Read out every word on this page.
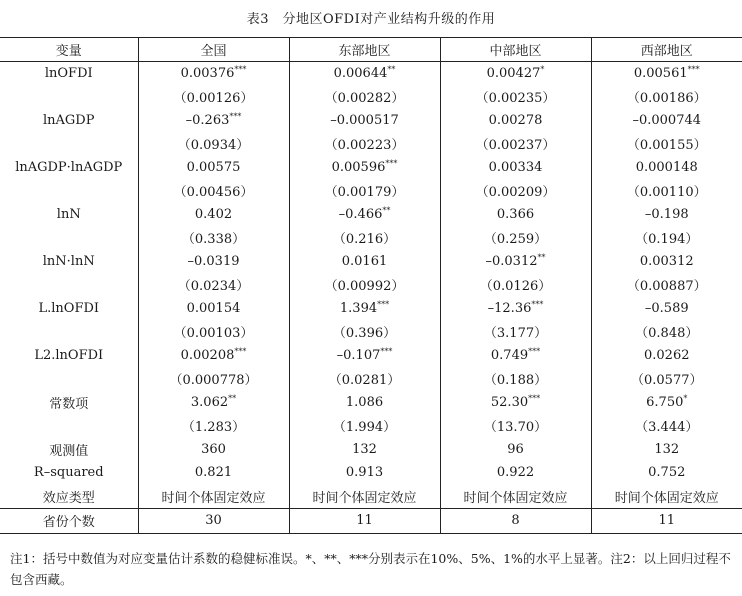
表3　分地区OFDI对产业结构升级的作用
变量	全国	东部地区	中部地区	西部地区
lnOFDI	0.00376***	0.00644**	0.00427*	0.00561***
	（0.00126）	（0.00282）	（0.00235）	（0.00186）
lnAGDP	–0.263***	–0.000517	0.00278	–0.000744
	（0.0934）	（0.00223）	（0.00237）	（0.00155）
lnAGDP·lnAGDP	0.00575	0.00596***	0.00334	0.000148
	（0.00456）	（0.00179）	（0.00209）	（0.00110）
lnN	0.402	–0.466**	0.366	–0.198
	（0.338）	（0.216）	（0.259）	（0.194）
lnN·lnN	–0.0319	0.0161	–0.0312**	0.00312
	（0.0234）	（0.00992）	（0.0126）	（0.00887）
L.lnOFDI	0.00154	1.394***	–12.36***	–0.589
	（0.00103）	（0.396）	（3.177）	（0.848）
L2.lnOFDI	0.00208***	–0.107***	0.749***	0.0262
	（0.000778）	（0.0281）	（0.188）	（0.0577）
常数项	3.062**	1.086	52.30***	6.750*
	（1.283）	（1.994）	（13.70）	（3.444）
观测值	360	132	96	132
R–squared	0.821	0.913	0.922	0.752
效应类型	时间个体固定效应	时间个体固定效应	时间个体固定效应	时间个体固定效应
省份个数	30	11	8	11
注1：括号中数值为对应变量估计系数的稳健标准误。*、**、***分别表示在10%、5%、1%的水平上显著。注2：以上回归过程不包含西藏。
